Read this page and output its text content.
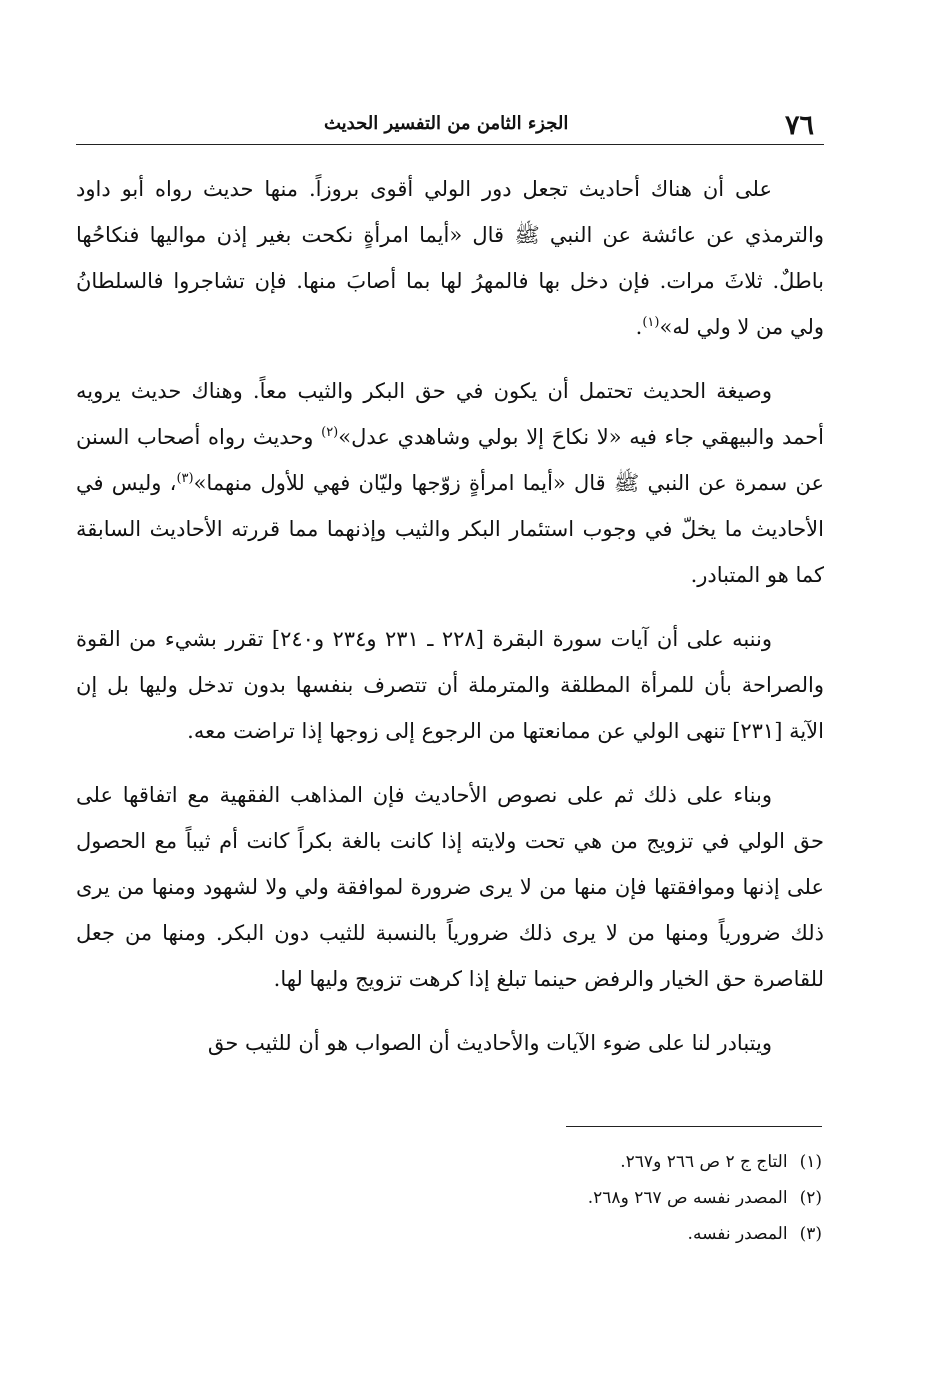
٧٦
الجزء الثامن من التفسير الحديث

على أن هناك أحاديث تجعل دور الولي أقوى بروزاً. منها حديث رواه أبو داود والترمذي عن عائشة عن النبي ﷺ قال «أيما امرأةٍ نكحت بغير إذن مواليها فنكاحُها باطلٌ. ثلاثَ مرات. فإن دخل بها فالمهرُ لها بما أصابَ منها. فإن تشاجروا فالسلطانُ ولي من لا ولي له»$^{(١)}$.

وصيغة الحديث تحتمل أن يكون في حق البكر والثيب معاً. وهناك حديث يرويه أحمد والبيهقي جاء فيه «لا نكاحَ إلا بولي وشاهدي عدل»$^{(٢)}$ وحديث رواه أصحاب السنن عن سمرة عن النبي ﷺ قال «أيما امرأةٍ زوّجها وليّان فهي للأول منهما»$^{(٣)}$، وليس في الأحاديث ما يخلّ في وجوب استئمار البكر والثيب وإذنهما مما قررته الأحاديث السابقة كما هو المتبادر.

وننبه على أن آيات سورة البقرة [٢٢٨ ـ ٢٣١ و٢٣٤ و٢٤٠] تقرر بشيء من القوة والصراحة بأن للمرأة المطلقة والمترملة أن تتصرف بنفسها بدون تدخل وليها بل إن الآية [٢٣١] تنهى الولي عن ممانعتها من الرجوع إلى زوجها إذا تراضت معه.

وبناء على ذلك ثم على نصوص الأحاديث فإن المذاهب الفقهية مع اتفاقها على حق الولي في تزويج من هي تحت ولايته إذا كانت بالغة بكراً كانت أم ثيباً مع الحصول على إذنها وموافقتها فإن منها من لا يرى ضرورة لموافقة ولي ولا لشهود ومنها من يرى ذلك ضرورياً ومنها من لا يرى ذلك ضرورياً بالنسبة للثيب دون البكر. ومنها من جعل للقاصرة حق الخيار والرفض حينما تبلغ إذا كرهت تزويج وليها لها.

ويتبادر لنا على ضوء الآيات والأحاديث أن الصواب هو أن للثيب حق

(١)التاج ج ٢ ص ٢٦٦ و٢٦٧.
(٢)المصدر نفسه ص ٢٦٧ و٢٦٨.
(٣)المصدر نفسه.
